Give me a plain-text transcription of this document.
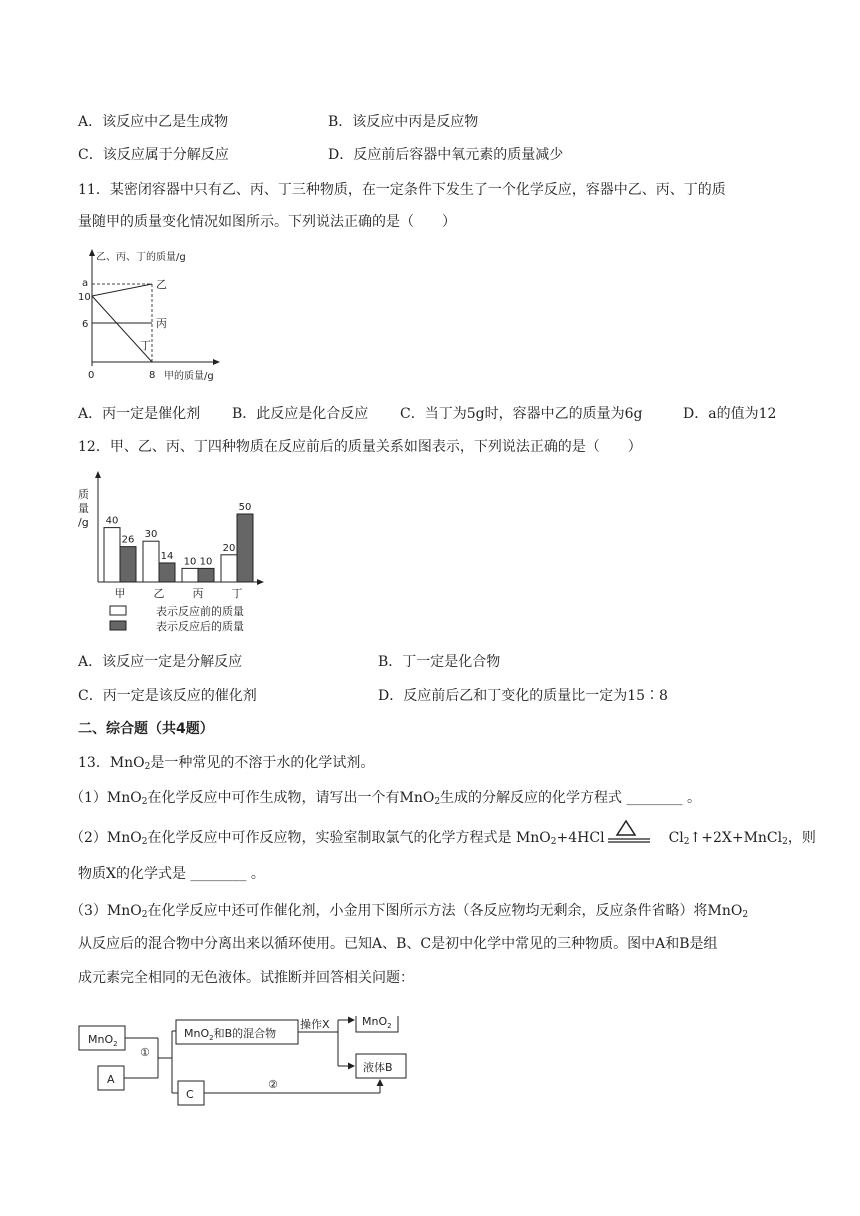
A．该反应中乙是生成物	B．该反应中丙是反应物
C．该反应属于分解反应	D．反应前后容器中氧元素的质量减少
11．某密闭容器中只有乙、丙、丁三种物质，在一定条件下发生了一个化学反应，容器中乙、丙、丁的质
量随甲的质量变化情况如图所示。下列说法正确的是（　　）
乙、丙、丁的质量/g
a
10
6
0	8 甲的质量/g
乙
丙
丁
A．丙一定是催化剂 B．此反应是化合反应 C．当丁为5g时，容器中乙的质量为6g	D．a的值为12
12．甲、乙、丙、丁四种物质在反应前后的质量关系如图表示，下列说法正确的是（　　）
质
量
/g 40
26
甲
30
14
乙
10 10
丙
20
50
丁
表示反应前的质量
表示反应后的质量
A．该反应一定是分解反应	B．丁一定是化合物
C．丙一定是该反应的催化剂	D．反应前后乙和丁变化的质量比一定为15∶8
二、综合题（共4题）
13．MnO$_2$是一种常见的不溶于水的化学试剂。
（1）MnO$_2$在化学反应中可作生成物，请写出一个有MnO$_2$生成的分解反应的化学方程式 ________ 。
（2）MnO$_2$在化学反应中可作反应物，实验室制取氯气的化学方程式是 MnO$_2$+4HCl	$Cl_2↑+2X+MnCl_2$，则
物质X的化学式是 ________ 。
（3）MnO$_2$在化学反应中还可作催化剂，小金用下图所示方法（各反应物均无剩余，反应条件省略）将MnO$_2$
从反应后的混合物中分离出来以循环使用。已知A、B、C是初中化学中常见的三种物质。图中A和B是组
成元素完全相同的无色液体。试推断并回答相关问题：
MnO$_2$
A
①
MnO$_2$和B的混合物
操作X	MnO$_2$
液体B
C
②
